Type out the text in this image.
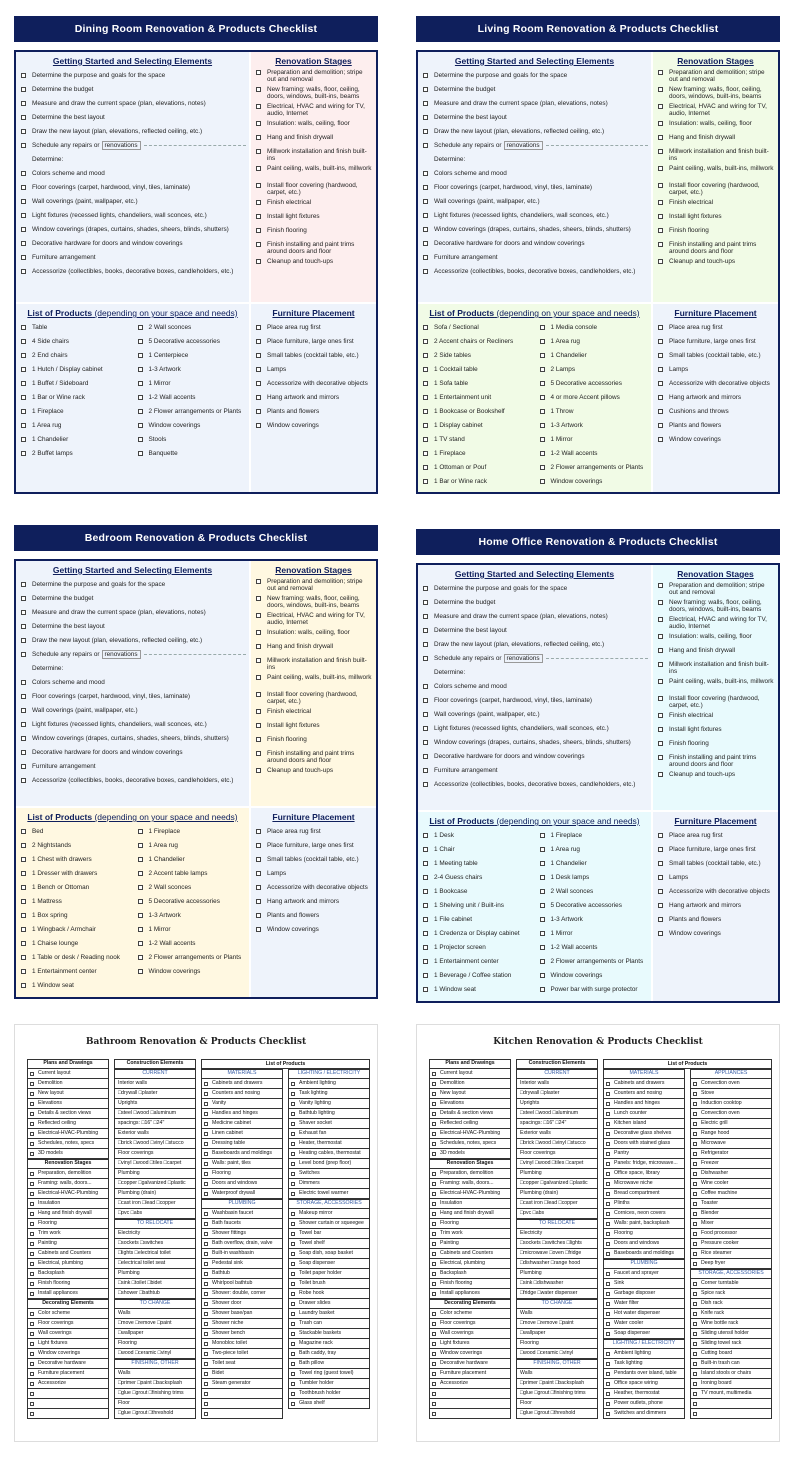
Dining Room Renovation & Products Checklist
Getting Started and Selecting Elements
Determine the purpose and goals for the space
Determine the budget
Measure and draw the current space (plan, elevations, notes)
Determine the best layout
Draw the new layout (plan, elevations, reflected ceiling, etc.)
Schedule any repairs or renovations
Determine:
Colors scheme and mood
Floor coverings (carpet, hardwood, vinyl, tiles, laminate)
Wall coverings (paint, wallpaper, etc.)
Light fixtures (recessed lights, chandeliers, wall sconces, etc.)
Window coverings (drapes, curtains, shades, sheers, blinds, shutters)
Decorative hardware for doors and window coverings
Furniture arrangement
Accessorize (collectibles, books, decorative boxes, candleholders, etc.)
Renovation Stages
Preparation and demolition; stripe out and removal
New framing: walls, floor, ceiling, doors, windows, built-ins, beams
Electrical, HVAC and wiring for TV, audio, Internet
Insulation: walls, ceiling, floor
Hang and finish drywall
Millwork installation and finish built-ins
Paint ceiling, walls, built-ins, millwork
Install floor covering (hardwood, carpet, etc.)
Finish electrical
Install light fixtures
Finish flooring
Finish installing and paint trims around doors and floor
Cleanup and touch-ups
List of Products (depending on your space and needs)
Table
4 Side chairs
2 End chairs
1 Hutch / Display cabinet
1 Buffet / Sideboard
1 Bar or Wine rack
1 Fireplace
1 Area rug
1 Chandelier
2 Buffet lamps
2 Wall sconces
5 Decorative accessories
1 Centerpiece
1-3 Artwork
1 Mirror
1-2 Wall accents
2 Flower arrangements or Plants
Window coverings
Stools
Banquette
Furniture Placement
Place area rug first
Place furniture, large ones first
Small tables (cocktail table, etc.)
Lamps
Accessorize with decorative objects
Hang artwork and mirrors
Plants and flowers
Window coverings
Living Room Renovation & Products Checklist
Getting Started and Selecting Elements
Determine the purpose and goals for the space
Determine the budget
Measure and draw the current space (plan, elevations, notes)
Determine the best layout
Draw the new layout (plan, elevations, reflected ceiling, etc.)
Schedule any repairs or renovations
Determine:
Colors scheme and mood
Floor coverings (carpet, hardwood, vinyl, tiles, laminate)
Wall coverings (paint, wallpaper, etc.)
Light fixtures (recessed lights, chandeliers, wall sconces, etc.)
Window coverings (drapes, curtains, shades, sheers, blinds, shutters)
Decorative hardware for doors and window coverings
Furniture arrangement
Accessorize (collectibles, books, decorative boxes, candleholders, etc.)
Renovation Stages
Preparation and demolition; stripe out and removal
New framing: walls, floor, ceiling, doors, windows, built-ins, beams
Electrical, HVAC and wiring for TV, audio, Internet
Insulation: walls, ceiling, floor
Hang and finish drywall
Millwork installation and finish built-ins
Paint ceiling, walls, built-ins, millwork
Install floor covering (hardwood, carpet, etc.)
Finish electrical
Install light fixtures
Finish flooring
Finish installing and paint trims around doors and floor
Cleanup and touch-ups
List of Products (depending on your space and needs)
Sofa / Sectional
2 Accent chairs or Recliners
2 Side tables
1 Cocktail table
1 Sofa table
1 Entertainment unit
1 Bookcase or Bookshelf
1 Display cabinet
1 TV stand
1 Fireplace
1 Ottoman or Pouf
1 Bar or Wine rack
1 Media console
1 Area rug
1 Chandelier
2 Lamps
5 Decorative accessories
4 or more Accent pillows
1 Throw
1-3 Artwork
1 Mirror
1-2 Wall accents
2 Flower arrangements or Plants
Window coverings
Furniture Placement
Place area rug first
Place furniture, large ones first
Small tables (cocktail table, etc.)
Lamps
Accessorize with decorative objects
Hang artwork and mirrors
Cushions and throws
Plants and flowers
Window coverings
Bedroom Renovation & Products Checklist
Getting Started and Selecting Elements
Determine the purpose and goals for the space
Determine the budget
Measure and draw the current space (plan, elevations, notes)
Determine the best layout
Draw the new layout (plan, elevations, reflected ceiling, etc.)
Schedule any repairs or renovations
Determine:
Colors scheme and mood
Floor coverings (carpet, hardwood, vinyl, tiles, laminate)
Wall coverings (paint, wallpaper, etc.)
Light fixtures (recessed lights, chandeliers, wall sconces, etc.)
Window coverings (drapes, curtains, shades, sheers, blinds, shutters)
Decorative hardware for doors and window coverings
Furniture arrangement
Accessorize (collectibles, books, decorative boxes, candleholders, etc.)
Renovation Stages
Preparation and demolition; stripe out and removal
New framing: walls, floor, ceiling, doors, windows, built-ins, beams
Electrical, HVAC and wiring for TV, audio, Internet
Insulation: walls, ceiling, floor
Hang and finish drywall
Millwork installation and finish built-ins
Paint ceiling, walls, built-ins, millwork
Install floor covering (hardwood, carpet, etc.)
Finish electrical
Install light fixtures
Finish flooring
Finish installing and paint trims around doors and floor
Cleanup and touch-ups
List of Products (depending on your space and needs)
Bed
2 Nightstands
1 Chest with drawers
1 Dresser with drawers
1 Bench or Ottoman
1 Mattress
1 Box spring
1 Wingback / Armchair
1 Chaise lounge
1 Table or desk / Reading nook
1 Entertainment center
1 Window seat
1 Fireplace
1 Area rug
1 Chandelier
2 Accent table lamps
2 Wall sconces
5 Decorative accessories
1-3 Artwork
1 Mirror
1-2 Wall accents
2 Flower arrangements or Plants
Window coverings
Furniture Placement
Place area rug first
Place furniture, large ones first
Small tables (cocktail table, etc.)
Lamps
Accessorize with decorative objects
Hang artwork and mirrors
Plants and flowers
Window coverings
Home Office Renovation & Products Checklist
Getting Started and Selecting Elements
Determine the purpose and goals for the space
Determine the budget
Measure and draw the current space (plan, elevations, notes)
Determine the best layout
Draw the new layout (plan, elevations, reflected ceiling, etc.)
Schedule any repairs or renovations
Determine:
Colors scheme and mood
Floor coverings (carpet, hardwood, vinyl, tiles, laminate)
Wall coverings (paint, wallpaper, etc.)
Light fixtures (recessed lights, chandeliers, wall sconces, etc.)
Window coverings (drapes, curtains, shades, sheers, blinds, shutters)
Decorative hardware for doors and window coverings
Furniture arrangement
Accessorize (collectibles, books, decorative boxes, candleholders, etc.)
Renovation Stages
Preparation and demolition; stripe out and removal
New framing: walls, floor, ceiling, doors, windows, built-ins, beams
Electrical, HVAC and wiring for TV, audio, Internet
Insulation: walls, ceiling, floor
Hang and finish drywall
Millwork installation and finish built-ins
Paint ceiling, walls, built-ins, millwork
Install floor covering (hardwood, carpet, etc.)
Finish electrical
Install light fixtures
Finish flooring
Finish installing and paint trims around doors and floor
Cleanup and touch-ups
List of Products (depending on your space and needs)
1 Desk
1 Chair
1 Meeting table
2-4 Guess chairs
1 Bookcase
1 Shelving unit / Built-ins
1 File cabinet
1 Credenza or Display cabinet
1 Projector screen
1 Entertainment center
1 Beverage / Coffee station
1 Window seat
1 Fireplace
1 Area rug
1 Chandelier
1 Desk lamps
2 Wall sconces
5 Decorative accessories
1-3 Artwork
1 Mirror
1-2 Wall accents
2 Flower arrangements or Plants
Window coverings
Power bar with surge protector
Furniture Placement
Place area rug first
Place furniture, large ones first
Small tables (cocktail table, etc.)
Lamps
Accessorize with decorative objects
Hang artwork and mirrors
Plants and flowers
Window coverings
Bathroom Renovation & Products Checklist
Plans and Drawings
Current layout
Demolition
New layout
Elevations
Details & section views
Reflected ceiling
Electrical-HVAC-Plumbing
Schedules, notes, specs
3D models
Renovation Stages
Preparation, demolition
Framing: walls, doors...
Electrical-HVAC-Plumbing
Insulation
Hang and finish drywall
Flooring
Trim work
Painting
Cabinets and Counters
Electrical, plumbing
Backsplash
Finish flooring
Install appliances
Decorating Elements
Color scheme
Floor coverings
Wall coverings
Light fixtures
Window coverings
Decorative hardware
Furniture placement
Accessorize
Construction Elements
CURRENT
Interior walls
□drywall □plaster
Uprights
□steel □wood □aluminum
spacings: □16" □24"
Exterior walls
□brick □wood □vinyl □stucco
Floor coverings
□vinyl □wood □tiles □carpet
Plumbing
□copper □galvanized □plastic
Plumbing (drain)
□cast iron □lead □copper
□pvc □abs
TO RELOCATE
Electricity
□sockets □switches
□lights □electrical toilet
□electrical toilet seat
Plumbing
□sink □toilet □bidet
□shower □bathtub
TO CHANGE
Walls
□move □remove □paint
□wallpaper
Flooring
□wood □ceramic □vinyl
FINISHING, OTHER
Walls
□primer □paint □backsplash
□glue □grout □finishing trims
Floor
□glue □grout □threshold
List of Products
MATERIALS
Cabinets and drawers
Counters and nosing
Vanity
Handles and hinges
Medicine cabinet
Linen cabinet
Dressing table
Baseboards and moldings
Walls: paint, tiles
Flooring
Doors and windows
Waterproof drywall
PLUMBING
Washbasin faucet
Bath faucets
Shower fittings
Bath overflow, drain, valve
Built-in washbasin
Pedestal sink
Bathtub
Whirlpool bathtub
Shower: double, corner
Shower door
Shower base/pan
Shower niche
Shower bench
Monobloc toilet
Two-piece toilet
Toilet seat
Bidet
Steam generator
LIGHTING / ELECTRICITY
Ambient lighting
Task lighting
Vanity lighting
Bathtub lighting
Shaver socket
Exhaust fan
Heater, thermostat
Heating cables, thermostat
Level bond (prep floor)
Switches
Dimmers
Electric towel warmer
STORAGE, ACCESSORIES
Makeup mirror
Shower curtain or squeegee
Towel bar
Towel shelf
Soap dish, soap basket
Soap dispenser
Toilet paper holder
Toilet brush
Robe hook
Drawer slides
Laundry basket
Trash can
Stackable baskets
Magazine rack
Bath caddy, tray
Bath pillow
Towel ring (guest towel)
Tumbler holder
Toothbrush holder
Glass shelf
Kitchen Renovation & Products Checklist
Plans and Drawings
Current layout
Demolition
New layout
Elevations
Details & section views
Reflected ceiling
Electrical-HVAC-Plumbing
Schedules, notes, specs
3D models
Renovation Stages
Preparation, demolition
Framing: walls, doors...
Electrical-HVAC-Plumbing
Insulation
Hang and finish drywall
Flooring
Trim work
Painting
Cabinets and Counters
Electrical, plumbing
Backsplash
Finish flooring
Install appliances
Decorating Elements
Color scheme
Floor coverings
Wall coverings
Light fixtures
Window coverings
Decorative hardware
Furniture placement
Accessorize
Construction Elements
CURRENT
Interior walls
□drywall □plaster
Uprights
□steel □wood □aluminum
spacings: □16" □24"
Exterior walls
□brick □wood □vinyl □stucco
Floor coverings
□vinyl □wood □tiles □carpet
Plumbing
□copper □galvanized □plastic
Plumbing (drain)
□cast iron □lead □copper
□pvc □abs
TO RELOCATE
Electricity
□sockets □switches □lights
□microwave □oven □fridge
□dishwasher □range hood
Plumbing
□sink □dishwasher
□fridge □water dispenser
TO CHANGE
Walls
□move □remove □paint
□wallpaper
Flooring
□wood □ceramic □vinyl
FINISHING, OTHER
Walls
□primer □paint □backsplash
□glue □grout □finishing trims
Floor
□glue □grout □threshold
List of Products
MATERIALS
Cabinets and drawers
Counters and nosing
Handles and hinges
Lunch counter
Kitchen island
Decorative glass shelves
Doors with stained glass
Pantry
Panels: fridge, microwave...
Office space, library
Microwave niche
Bread compartment
Plinths
Cornices, neon covers
Walls: paint, backsplash
Flooring
Doors and windows
Baseboards and moldings
PLUMBING
Faucet and sprayer
Sink
Garbage disposer
Water filter
Hot water dispenser
Water cooler
Soap dispenser
LIGHTING / ELECTRICITY
Ambient lighting
Task lighting
Pendants over island, table
Office space wiring
Heather, thermostat
Power outlets, phone
Switches and dimmers
APPLIANCES
Convection oven
Stove
Induction cooktop
Convection oven
Electric grill
Range hood
Microwave
Refrigerator
Freezer
Dishwasher
Wine cooler
Coffee machine
Toaster
Blender
Mixer
Food processor
Pressure cooker
Rice steamer
Deep fryer
STORAGE, ACCESSORIES
Corner turntable
Spice rack
Dish rack
Knife rack
Wine bottle rack
Sliding utensil holder
Sliding towel rack
Cutting board
Built-in trash can
Island stools or chairs
Ironing board
TV mount, multimedia
